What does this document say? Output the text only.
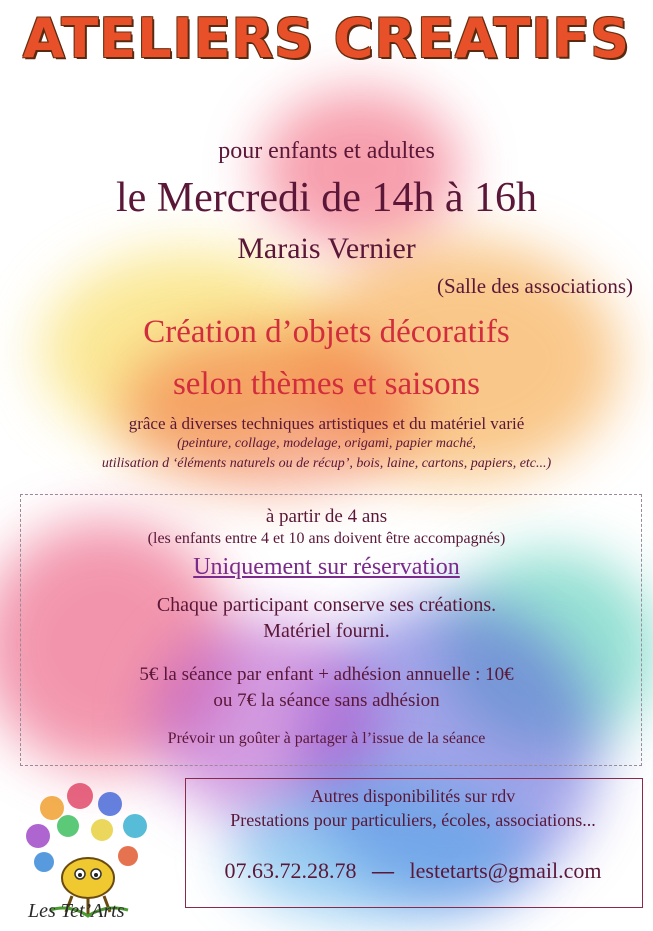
ATELIERS CREATIFS
pour enfants et adultes
le Mercredi de 14h à 16h
Marais Vernier
(Salle des associations)
Création d’objets décoratifs
selon thèmes et saisons
grâce à diverses techniques artistiques et du matériel varié
(peinture, collage, modelage, origami, papier maché,
utilisation d ‘éléments naturels ou de récup’, bois, laine, cartons, papiers, etc...)
à partir de 4 ans
(les enfants entre 4 et 10 ans doivent être accompagnés)
Uniquement sur réservation
Chaque participant conserve ses créations.
Matériel fourni.
5€ la séance par enfant + adhésion annuelle : 10€
ou 7€ la séance sans adhésion
Prévoir un goûter à partager à l’issue de la séance
Les Tet’Arts
Autres disponibilités sur rdv
Prestations pour particuliers, écoles, associations...
07.63.72.28.78 — lestetarts@gmail.com
